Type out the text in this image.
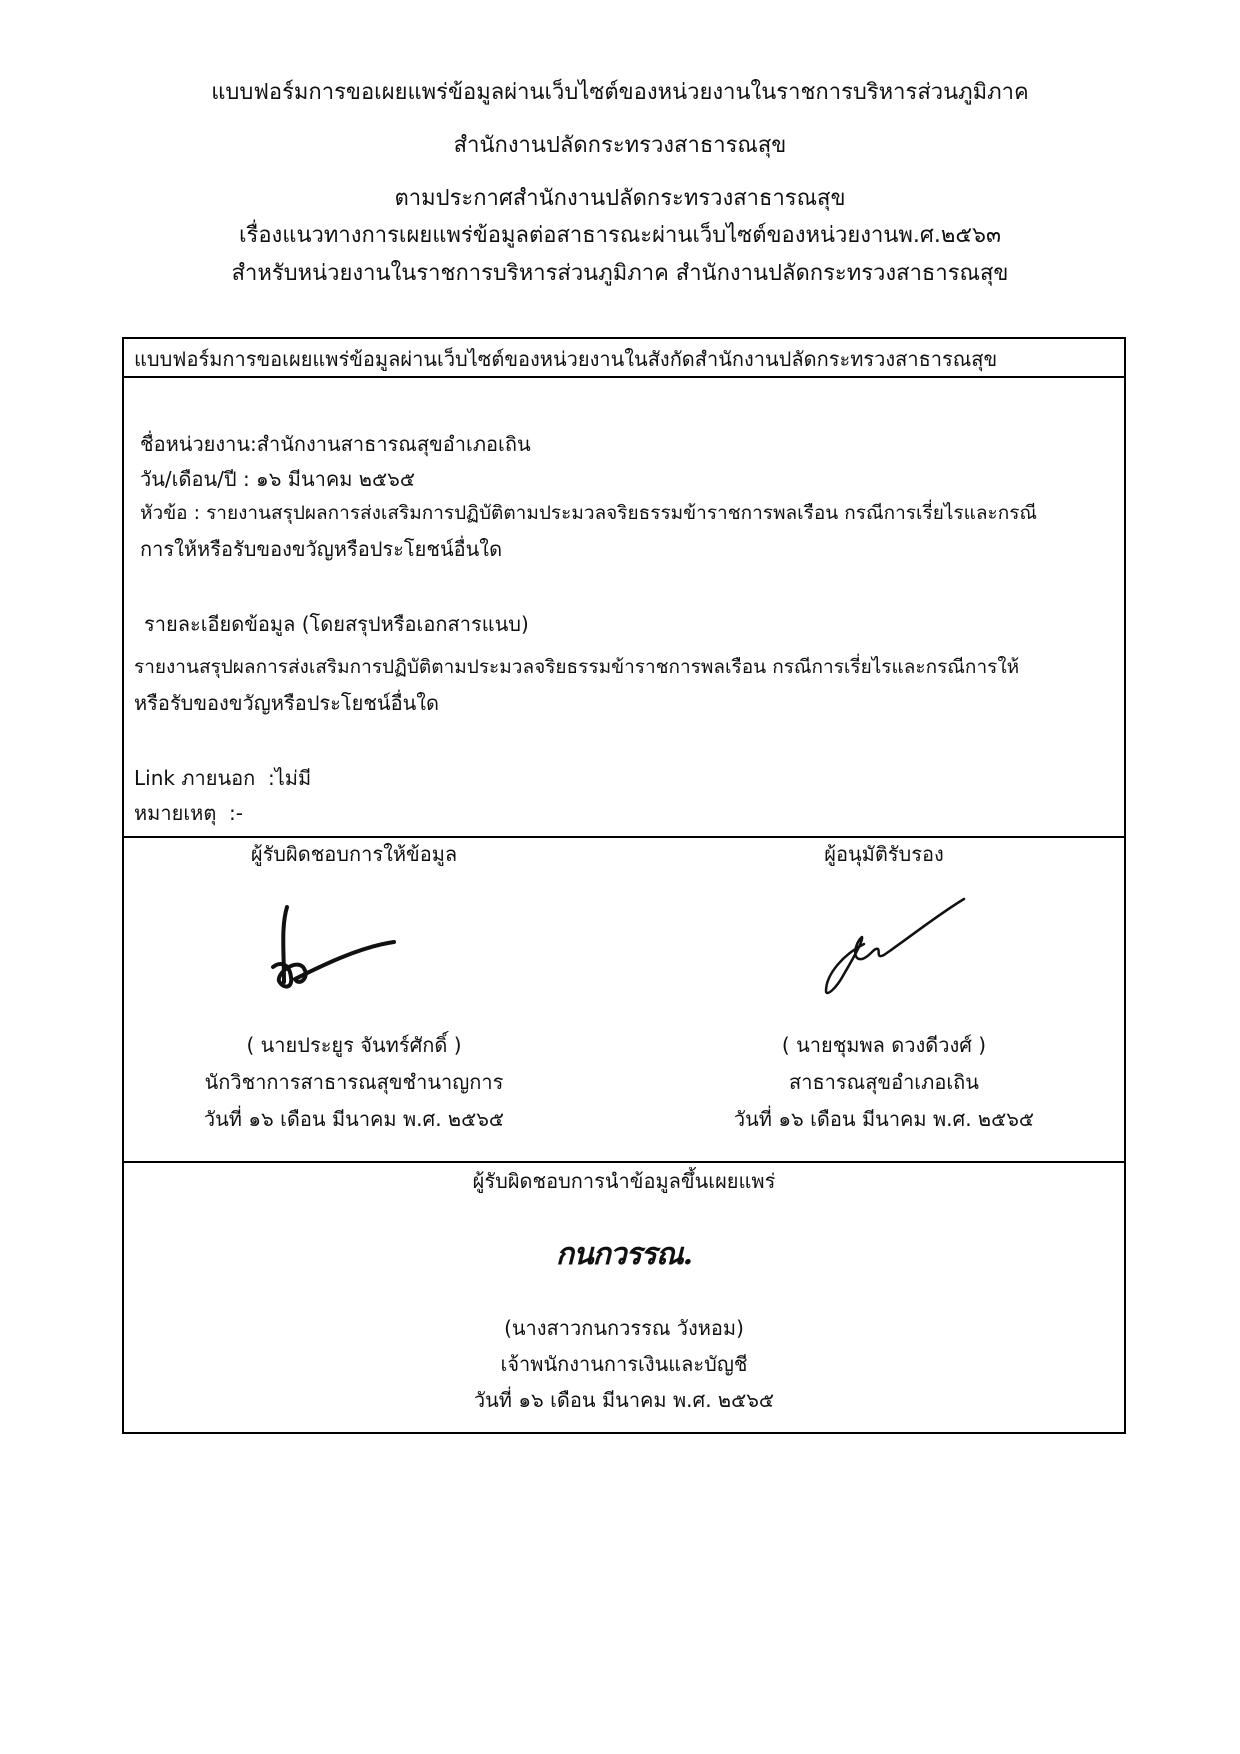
แบบฟอร์มการขอเผยแพร่ข้อมูลผ่านเว็บไซต์ของหน่วยงานในราชการบริหารส่วนภูมิภาค
สำนักงานปลัดกระทรวงสาธารณสุข
ตามประกาศสำนักงานปลัดกระทรวงสาธารณสุข
เรื่องแนวทางการเผยแพร่ข้อมูลต่อสาธารณะผ่านเว็บไซต์ของหน่วยงานพ.ศ.๒๕๖๓
สำหรับหน่วยงานในราชการบริหารส่วนภูมิภาค สำนักงานปลัดกระทรวงสาธารณสุข
แบบฟอร์มการขอเผยแพร่ข้อมูลผ่านเว็บไซต์ของหน่วยงานในสังกัดสำนักงานปลัดกระทรวงสาธารณสุข
ชื่อหน่วยงาน:สำนักงานสาธารณสุขอำเภอเถิน
วัน/เดือน/ปี : ๑๖ มีนาคม ๒๕๖๕
หัวข้อ : รายงานสรุปผลการส่งเสริมการปฏิบัติตามประมวลจริยธรรมข้าราชการพลเรือน กรณีการเรี่ยไรและกรณี
การให้หรือรับของขวัญหรือประโยชน์อื่นใด
รายละเอียดข้อมูล (โดยสรุปหรือเอกสารแนบ)
รายงานสรุปผลการส่งเสริมการปฏิบัติตามประมวลจริยธรรมข้าราชการพลเรือน กรณีการเรี่ยไรและกรณีการให้
หรือรับของขวัญหรือประโยชน์อื่นใด
Link ภายนอก :ไม่มี
หมายเหตุ :-
ผู้รับผิดชอบการให้ข้อมูล	ผู้อนุมัติรับรอง
( นายประยูร จันทร์ศักดิ์ )
นักวิชาการสาธารณสุขชำนาญการ
วันที่ ๑๖ เดือน มีนาคม พ.ศ. ๒๕๖๕
( นายชุมพล ดวงดีวงศ์ )
สาธารณสุขอำเภอเถิน
วันที่ ๑๖ เดือน มีนาคม พ.ศ. ๒๕๖๕
ผู้รับผิดชอบการนำข้อมูลขึ้นเผยแพร่
กนกวรรณ.
(นางสาวกนกวรรณ วังหอม)
เจ้าพนักงานการเงินและบัญชี
วันที่ ๑๖ เดือน มีนาคม พ.ศ. ๒๕๖๕
